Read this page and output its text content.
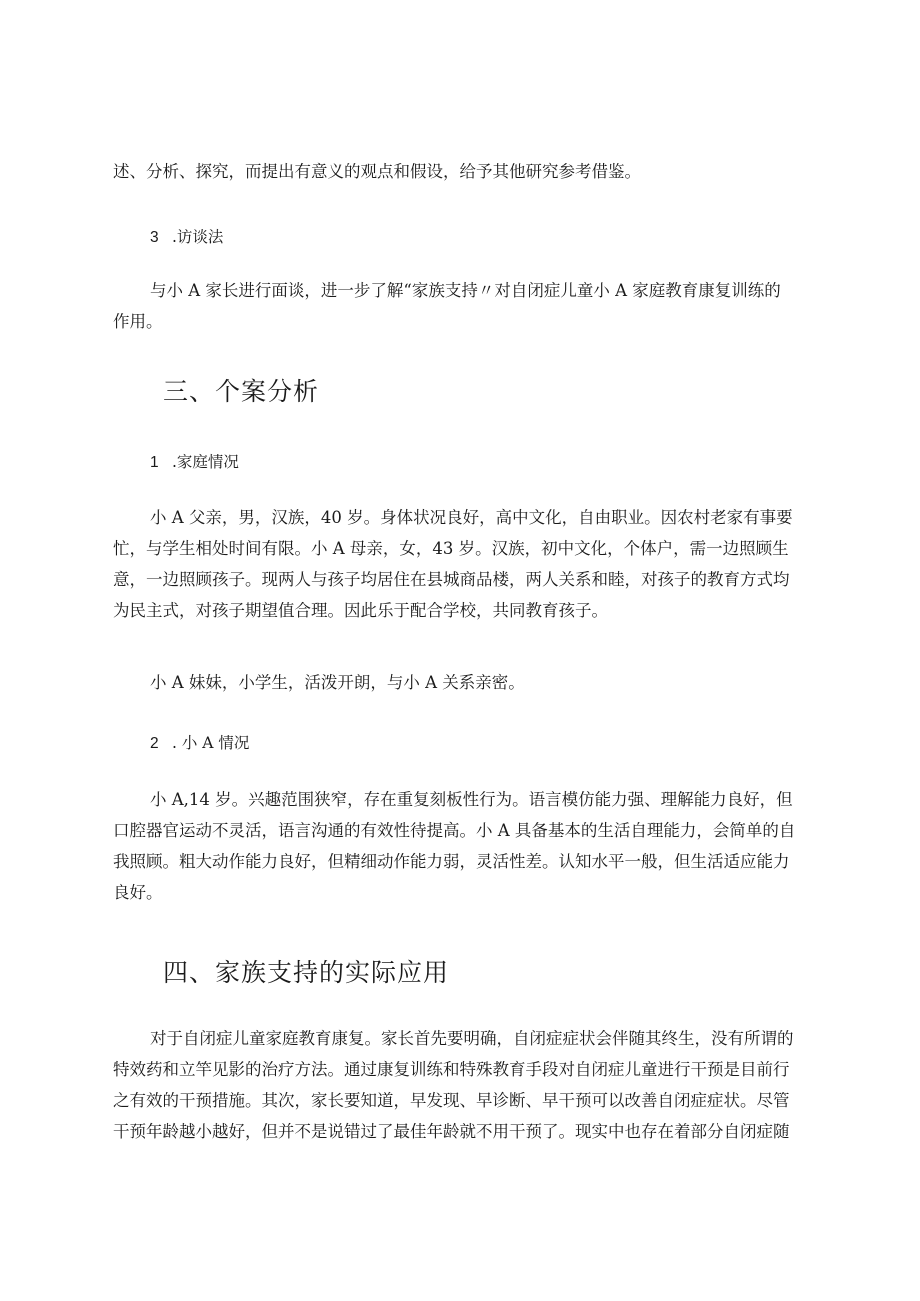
述、分析、探究，而提出有意义的观点和假设，给予其他研究参考借鉴。
3 .访谈法
与小 A 家长进行面谈，进一步了解“家族支持〃对自闭症儿童小 A 家庭教育康复训练的
作用。
三、个案分析
1 .家庭情况
小 A 父亲，男，汉族，40 岁。身体状况良好，高中文化，自由职业。因农村老家有事要
忙，与学生相处时间有限。小 A 母亲，女，43 岁。汉族，初中文化，个体户，需一边照顾生
意，一边照顾孩子。现两人与孩子均居住在县城商品楼，两人关系和睦，对孩子的教育方式均
为民主式，对孩子期望值合理。因此乐于配合学校，共同教育孩子。
小 A 妹妹，小学生，活泼开朗，与小 A 关系亲密。
2 . 小 A 情况
小 A,14 岁。兴趣范围狭窄，存在重复刻板性行为。语言模仿能力强、理解能力良好，但
口腔器官运动不灵活，语言沟通的有效性待提高。小 A 具备基本的生活自理能力，会简单的自
我照顾。粗大动作能力良好，但精细动作能力弱，灵活性差。认知水平一般，但生活适应能力
良好。
四、家族支持的实际应用
对于自闭症儿童家庭教育康复。家长首先要明确，自闭症症状会伴随其终生，没有所谓的
特效药和立竿见影的治疗方法。通过康复训练和特殊教育手段对自闭症儿童进行干预是目前行
之有效的干预措施。其次，家长要知道，早发现、早诊断、早干预可以改善自闭症症状。尽管
干预年龄越小越好，但并不是说错过了最佳年龄就不用干预了。现实中也存在着部分自闭症随
